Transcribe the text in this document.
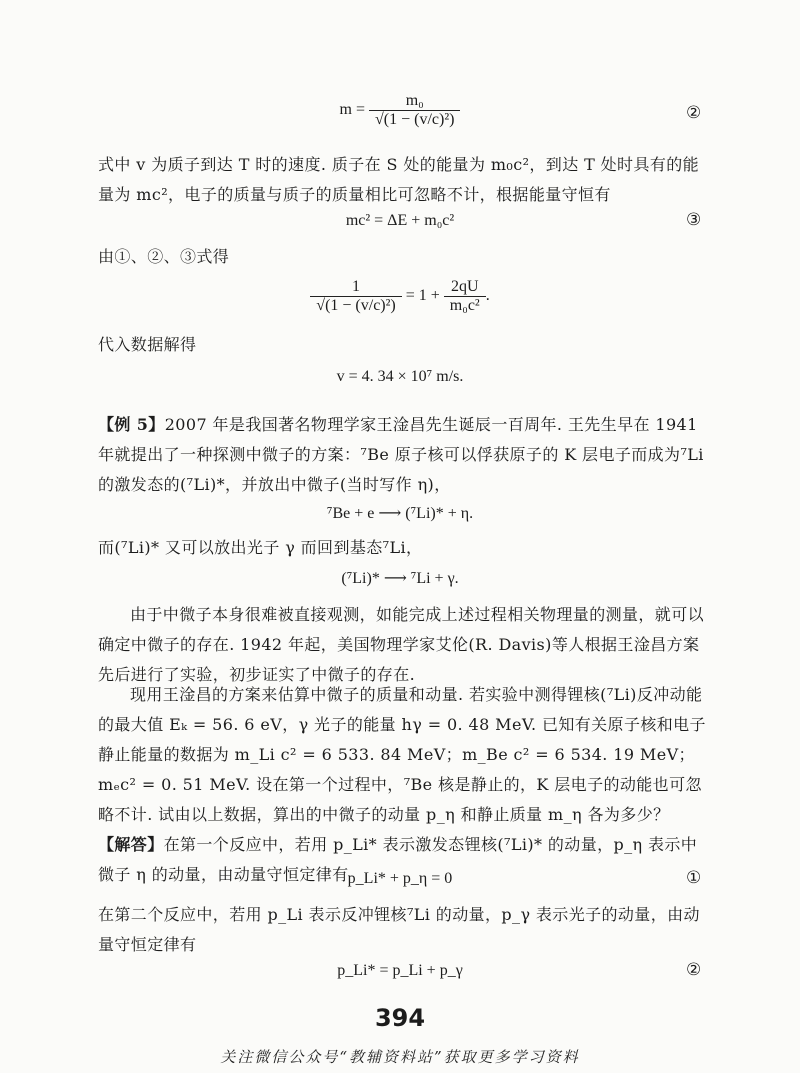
$m = \frac{\text{m₀}}{\text{√(1 − (v/c)²)}}$	②
式中 v 为质子到达 T 时的速度. 质子在 S 处的能量为 m₀c²，到达 T 处时具有的能量为 mc²，电子的质量与质子的质量相比可忽略不计，根据能量守恒有
mc² = ΔE + m₀c²	③
由①、②、③式得
$\frac{1}{\text{√(1 − (v/c)²)}} = 1 + \frac{2qU}{\text{m₀c²}}$ .
代入数据解得
v = 4. 34 × 10⁷ m/s.
【例 5】2007 年是我国著名物理学家王淦昌先生诞辰一百周年. 王先生早在 1941 年就提出了一种探测中微子的方案：⁷Be 原子核可以俘获原子的 K 层电子而成为⁷Li 的激发态的(⁷Li)*，并放出中微子(当时写作 η)，
⁷Be + e ⟶ (⁷Li)* + η.
而(⁷Li)* 又可以放出光子 γ 而回到基态⁷Li，
(⁷Li)* ⟶ ⁷Li + γ.
由于中微子本身很难被直接观测，如能完成上述过程相关物理量的测量，就可以确定中微子的存在. 1942 年起，美国物理学家艾伦(R. Davis)等人根据王淦昌方案先后进行了实验，初步证实了中微子的存在.
现用王淦昌的方案来估算中微子的质量和动量. 若实验中测得锂核(⁷Li)反冲动能的最大值 Eₖ = 56. 6 eV，γ 光子的能量 hγ = 0. 48 MeV. 已知有关原子核和电子静止能量的数据为 m_Li c² = 6 533. 84 MeV；m_Be c² = 6 534. 19 MeV；mₑc² = 0. 51 MeV. 设在第一个过程中，⁷Be 核是静止的，K 层电子的动能也可忽略不计. 试由以上数据，算出的中微子的动量 p_η 和静止质量 m_η 各为多少？
【解答】在第一个反应中，若用 p_Li* 表示激发态锂核(⁷Li)* 的动量，p_η 表示中微子 η 的动量，由动量守恒定律有 p_Li* + p_η = 0	①
在第二个反应中，若用 p_Li 表示反冲锂核⁷Li 的动量，p_γ 表示光子的动量，由动量守恒定律有
p_Li* = p_Li + p_γ	②
394
关注微信公众号“教辅资料站”获取更多学习资料
